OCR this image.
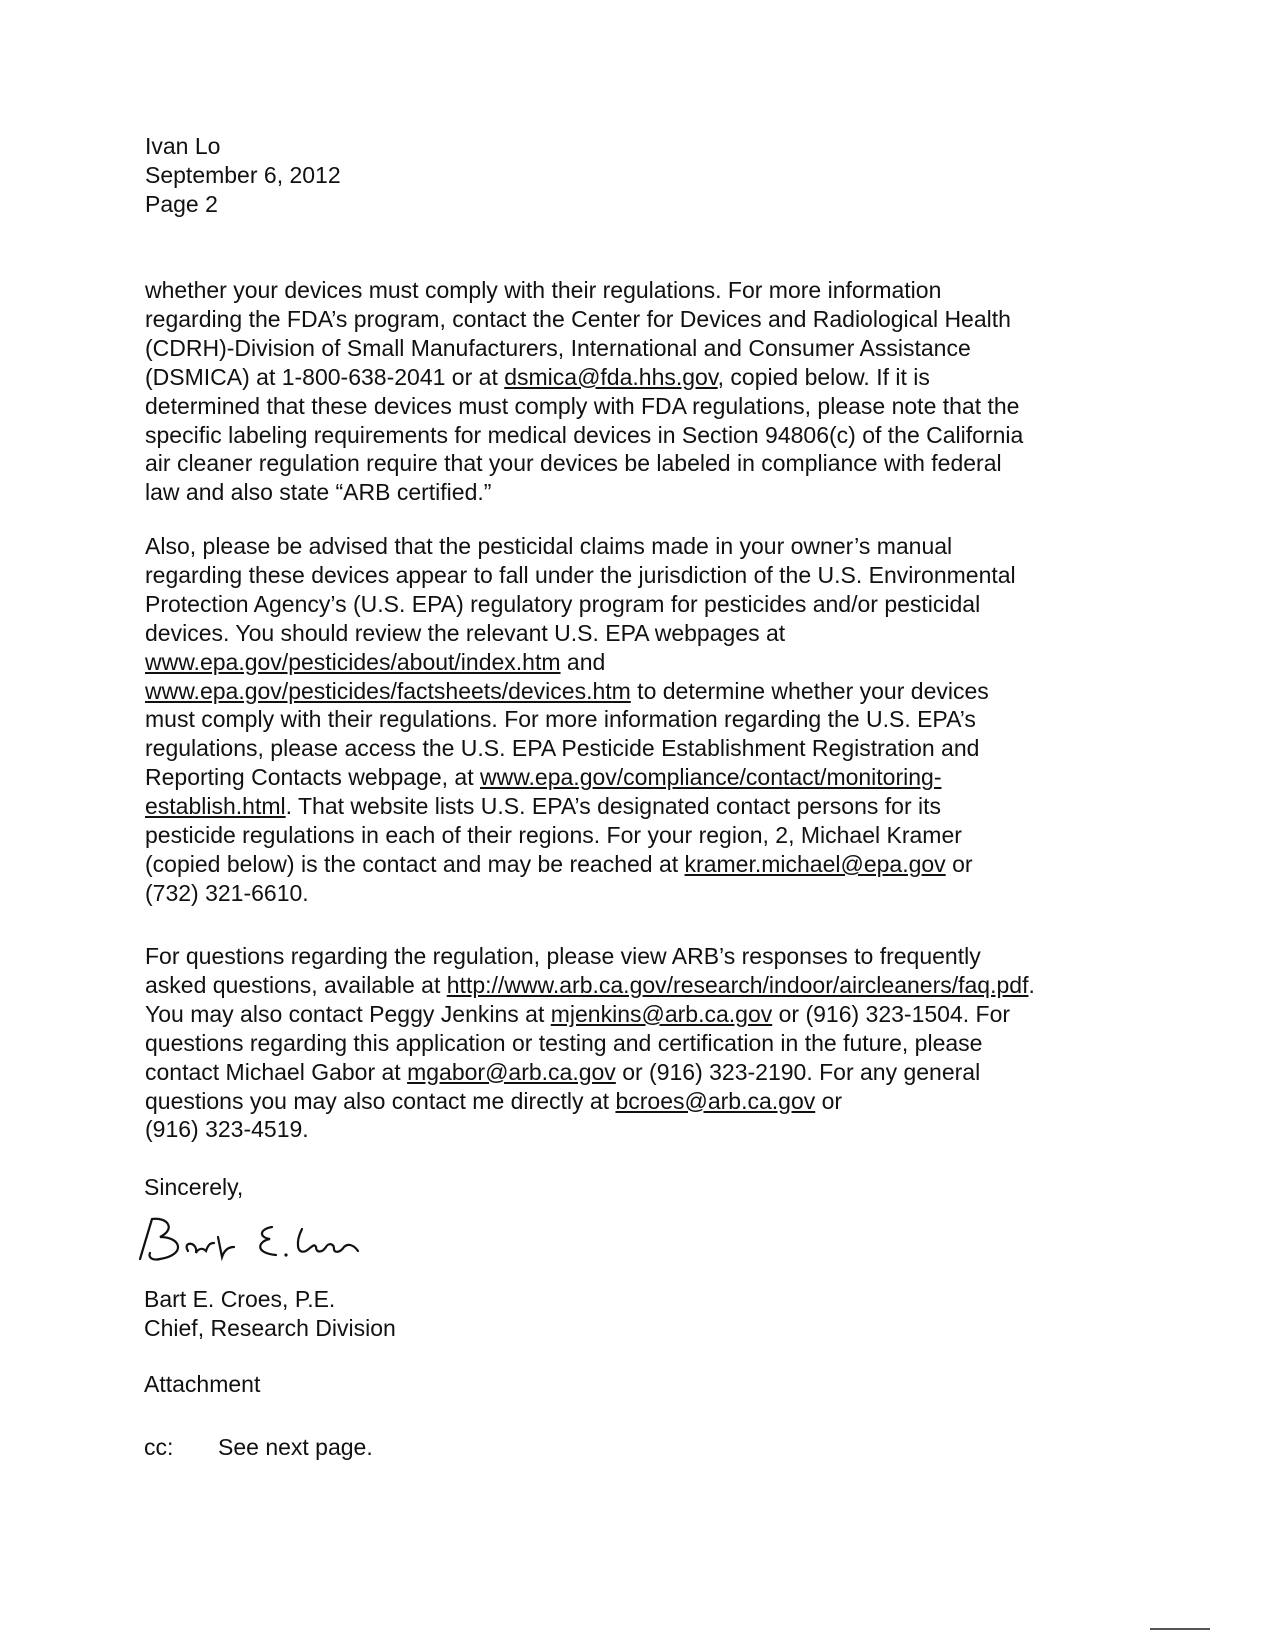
Ivan Lo
September 6, 2012
Page 2
whether your devices must comply with their regulations. For more information
regarding the FDA’s program, contact the Center for Devices and Radiological Health
(CDRH)-Division of Small Manufacturers, International and Consumer Assistance
(DSMICA) at 1-800-638-2041 or at dsmica@fda.hhs.gov, copied below. If it is
determined that these devices must comply with FDA regulations, please note that the
specific labeling requirements for medical devices in Section 94806(c) of the California
air cleaner regulation require that your devices be labeled in compliance with federal
law and also state “ARB certified.”
Also, please be advised that the pesticidal claims made in your owner’s manual
regarding these devices appear to fall under the jurisdiction of the U.S. Environmental
Protection Agency’s (U.S. EPA) regulatory program for pesticides and/or pesticidal
devices. You should review the relevant U.S. EPA webpages at
www.epa.gov/pesticides/about/index.htm and
www.epa.gov/pesticides/factsheets/devices.htm to determine whether your devices
must comply with their regulations. For more information regarding the U.S. EPA’s
regulations, please access the U.S. EPA Pesticide Establishment Registration and
Reporting Contacts webpage, at www.epa.gov/compliance/contact/monitoring-
establish.html. That website lists U.S. EPA’s designated contact persons for its
pesticide regulations in each of their regions. For your region, 2, Michael Kramer
(copied below) is the contact and may be reached at kramer.michael@epa.gov or
(732) 321-6610.
For questions regarding the regulation, please view ARB’s responses to frequently
asked questions, available at http://www.arb.ca.gov/research/indoor/aircleaners/faq.pdf.
You may also contact Peggy Jenkins at mjenkins@arb.ca.gov or (916) 323-1504. For
questions regarding this application or testing and certification in the future, please
contact Michael Gabor at mgabor@arb.ca.gov or (916) 323-2190. For any general
questions you may also contact me directly at bcroes@arb.ca.gov or
(916) 323-4519.
Sincerely,
Bart E. Croes, P.E.
Chief, Research Division
Attachment
cc: See next page.
